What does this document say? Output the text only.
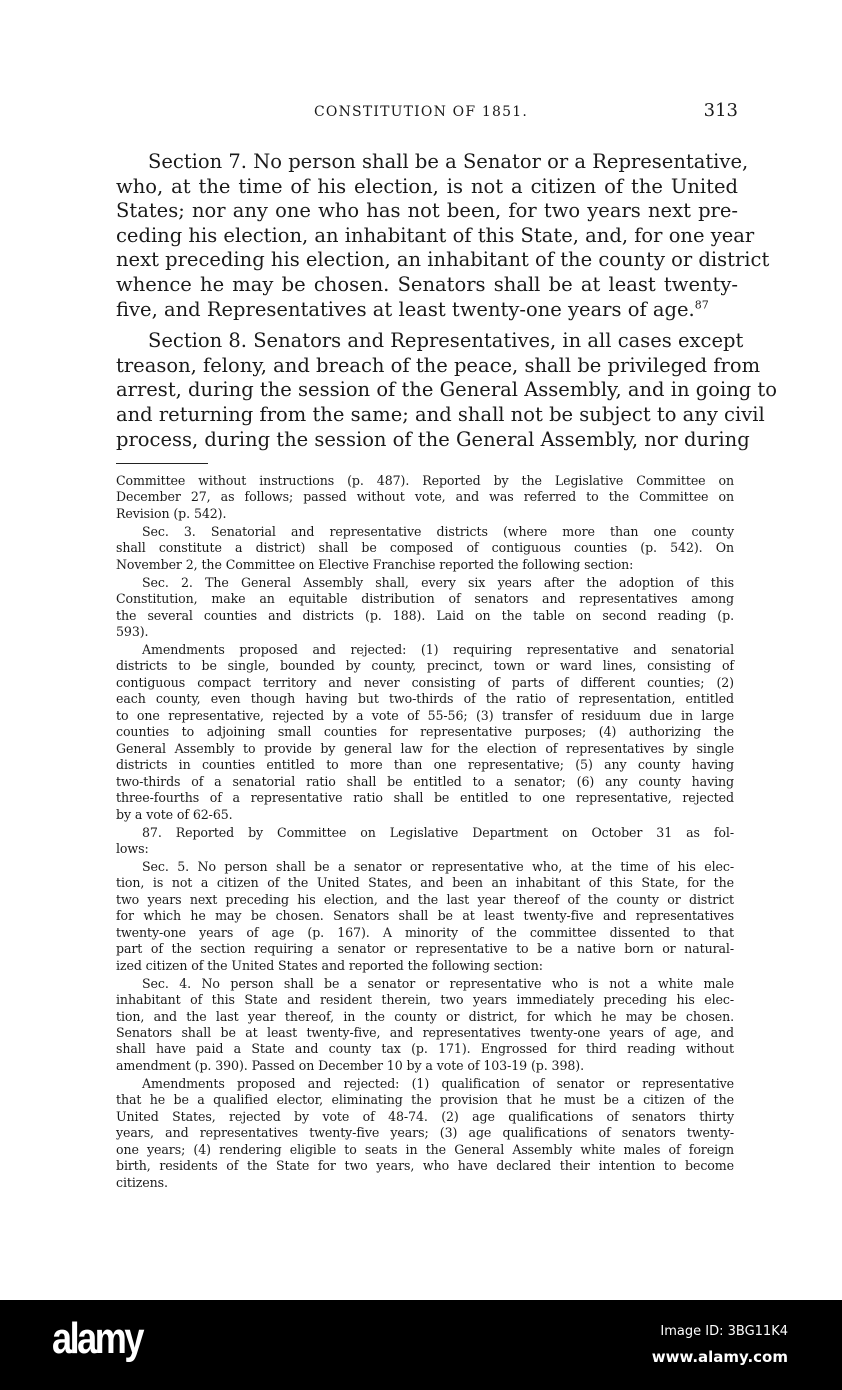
CONSTITUTION OF 1851.	313
Section 7. No person shall be a Senator or a Representative,
who, at the time of his election, is not a citizen of the United
States; nor any one who has not been, for two years next pre-
ceding his election, an inhabitant of this State, and, for one year
next preceding his election, an inhabitant of the county or district
whence he may be chosen. Senators shall be at least twenty-
five, and Representatives at least twenty-one years of age.$^{87}$
Section 8. Senators and Representatives, in all cases except
treason, felony, and breach of the peace, shall be privileged from
arrest, during the session of the General Assembly, and in going to
and returning from the same; and shall not be subject to any civil
process, during the session of the General Assembly, nor during
Committee without instructions (p. 487). Reported by the Legislative Committee on
December 27, as follows; passed without vote, and was referred to the Committee on
Revision (p. 542).
Sec. 3. Senatorial and representative districts (where more than one county
shall constitute a district) shall be composed of contiguous counties (p. 542). On
November 2, the Committee on Elective Franchise reported the following section:
Sec. 2. The General Assembly shall, every six years after the adoption of this
Constitution, make an equitable distribution of senators and representatives among
the several counties and districts (p. 188). Laid on the table on second reading (p.
593).
Amendments proposed and rejected: (1) requiring representative and senatorial
districts to be single, bounded by county, precinct, town or ward lines, consisting of
contiguous compact territory and never consisting of parts of different counties; (2)
each county, even though having but two-thirds of the ratio of representation, entitled
to one representative, rejected by a vote of 55-56; (3) transfer of residuum due in large
counties to adjoining small counties for representative purposes; (4) authorizing the
General Assembly to provide by general law for the election of representatives by single
districts in counties entitled to more than one representative; (5) any county having
two-thirds of a senatorial ratio shall be entitled to a senator; (6) any county having
three-fourths of a representative ratio shall be entitled to one representative, rejected
by a vote of 62-65.
87. Reported by Committee on Legislative Department on October 31 as fol-
lows:
Sec. 5. No person shall be a senator or representative who, at the time of his elec-
tion, is not a citizen of the United States, and been an inhabitant of this State, for the
two years next preceding his election, and the last year thereof of the county or district
for which he may be chosen. Senators shall be at least twenty-five and representatives
twenty-one years of age (p. 167). A minority of the committee dissented to that
part of the section requiring a senator or representative to be a native born or natural-
ized citizen of the United States and reported the following section:
Sec. 4. No person shall be a senator or representative who is not a white male
inhabitant of this State and resident therein, two years immediately preceding his elec-
tion, and the last year thereof, in the county or district, for which he may be chosen.
Senators shall be at least twenty-five, and representatives twenty-one years of age, and
shall have paid a State and county tax (p. 171). Engrossed for third reading without
amendment (p. 390). Passed on December 10 by a vote of 103-19 (p. 398).
Amendments proposed and rejected: (1) qualification of senator or representative
that he be a qualified elector, eliminating the provision that he must be a citizen of the
United States, rejected by vote of 48-74. (2) age qualifications of senators thirty
years, and representatives twenty-five years; (3) age qualifications of senators twenty-
one years; (4) rendering eligible to seats in the General Assembly white males of foreign
birth, residents of the State for two years, who have declared their intention to become
citizens.
alamy	Image ID: 3BG11K4
www.alamy.com
